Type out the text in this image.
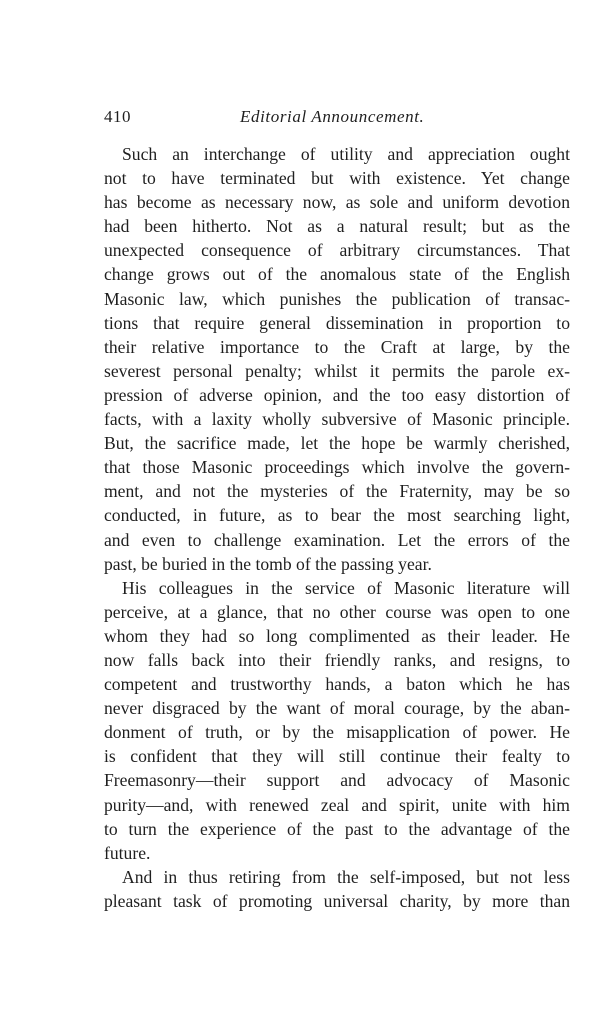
410	Editorial Announcement.
Such an interchange of utility and appreciation ought
not to have terminated but with existence. Yet change
has become as necessary now, as sole and uniform devotion
had been hitherto. Not as a natural result; but as the
unexpected consequence of arbitrary circumstances. That
change grows out of the anomalous state of the English
Masonic law, which punishes the publication of transac-
tions that require general dissemination in proportion to
their relative importance to the Craft at large, by the
severest personal penalty; whilst it permits the parole ex-
pression of adverse opinion, and the too easy distortion of
facts, with a laxity wholly subversive of Masonic principle.
But, the sacrifice made, let the hope be warmly cherished,
that those Masonic proceedings which involve the govern-
ment, and not the mysteries of the Fraternity, may be so
conducted, in future, as to bear the most searching light,
and even to challenge examination. Let the errors of the
past, be buried in the tomb of the passing year.
His colleagues in the service of Masonic literature will
perceive, at a glance, that no other course was open to one
whom they had so long complimented as their leader. He
now falls back into their friendly ranks, and resigns, to
competent and trustworthy hands, a baton which he has
never disgraced by the want of moral courage, by the aban-
donment of truth, or by the misapplication of power. He
is confident that they will still continue their fealty to
Freemasonry—their support and advocacy of Masonic
purity—and, with renewed zeal and spirit, unite with him
to turn the experience of the past to the advantage of the
future.
And in thus retiring from the self-imposed, but not less
pleasant task of promoting universal charity, by more than
